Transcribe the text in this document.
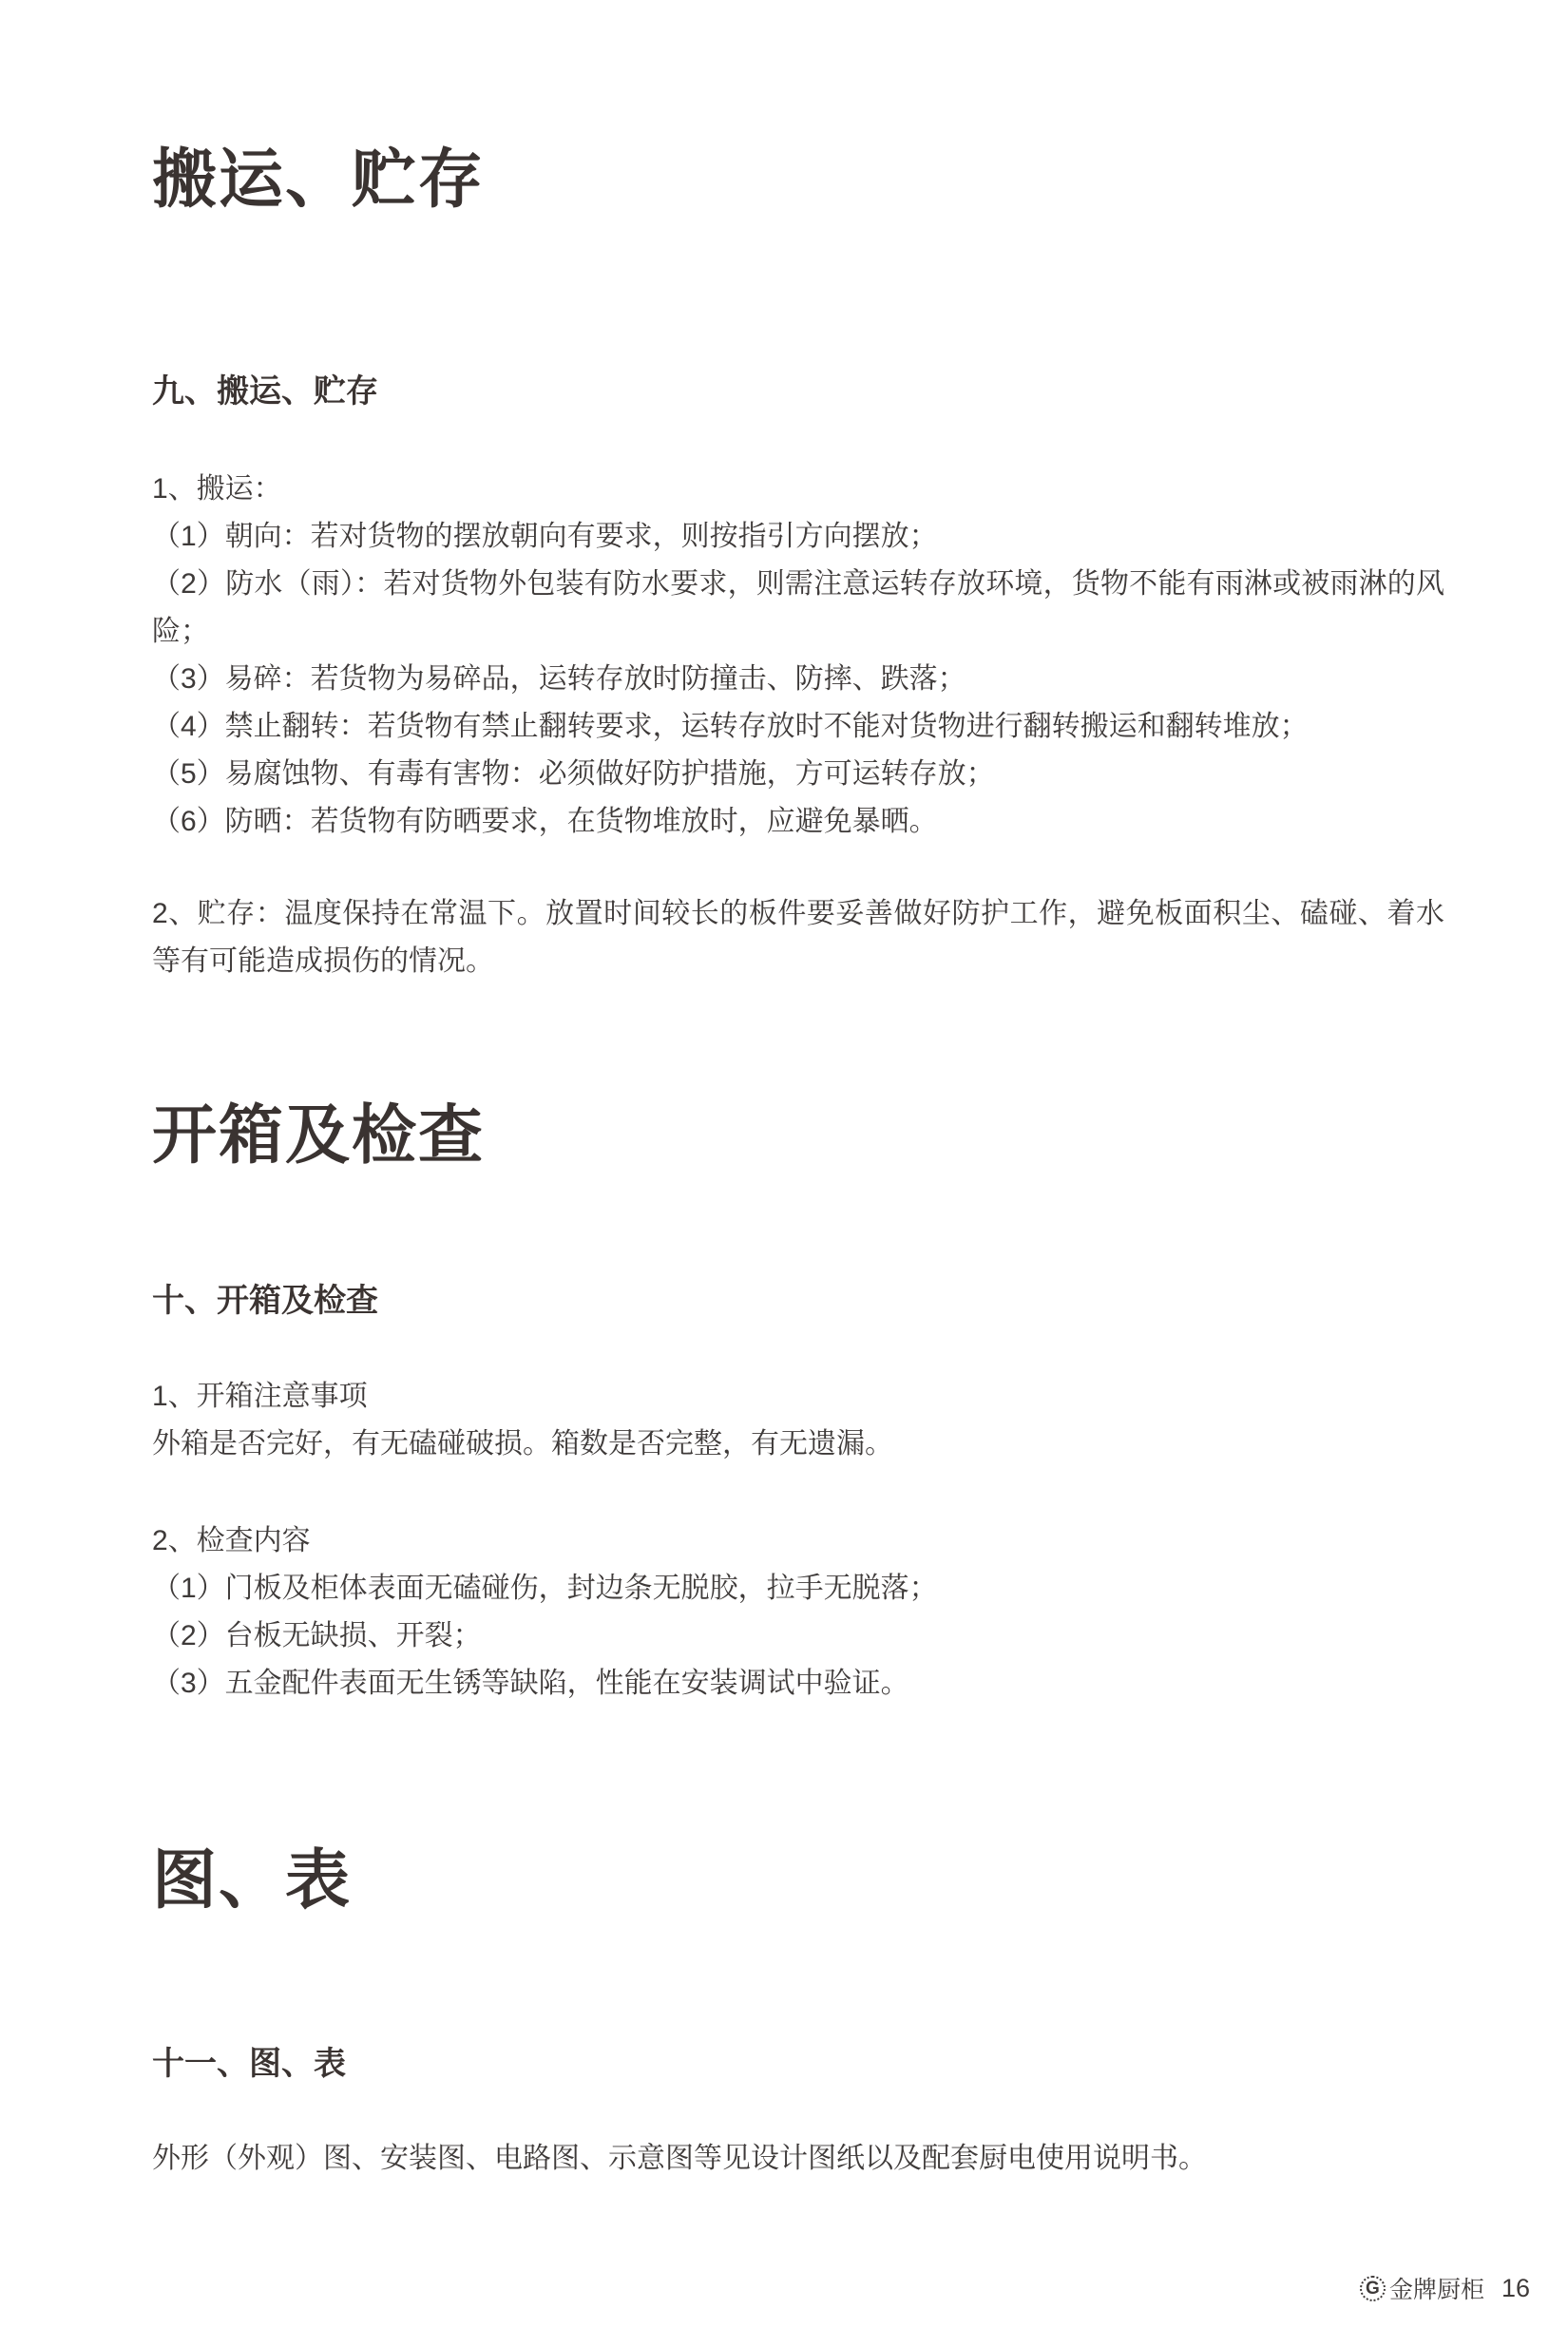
搬运、贮存
九、搬运、贮存
1、搬运：
（1）朝向：若对货物的摆放朝向有要求，则按指引方向摆放；
（2）防水（雨）：若对货物外包装有防水要求，则需注意运转存放环境，货物不能有雨淋或被雨淋的风险；
（3）易碎：若货物为易碎品，运转存放时防撞击、防摔、跌落；
（4）禁止翻转：若货物有禁止翻转要求，运转存放时不能对货物进行翻转搬运和翻转堆放；
（5）易腐蚀物、有毒有害物：必须做好防护措施，方可运转存放；
（6）防晒：若货物有防晒要求，在货物堆放时，应避免暴晒。
2、贮存：温度保持在常温下。放置时间较长的板件要妥善做好防护工作，避免板面积尘、磕碰、着水等有可能造成损伤的情况。
开箱及检查
十、开箱及检查
1、开箱注意事项
外箱是否完好，有无磕碰破损。箱数是否完整，有无遗漏。
2、检查内容
（1）门板及柜体表面无磕碰伤，封边条无脱胶，拉手无脱落；
（2）台板无缺损、开裂；
（3）五金配件表面无生锈等缺陷，性能在安装调试中验证。
图、表
十一、图、表
外形（外观）图、安装图、电路图、示意图等见设计图纸以及配套厨电使用说明书。
G 金牌厨柜 16
